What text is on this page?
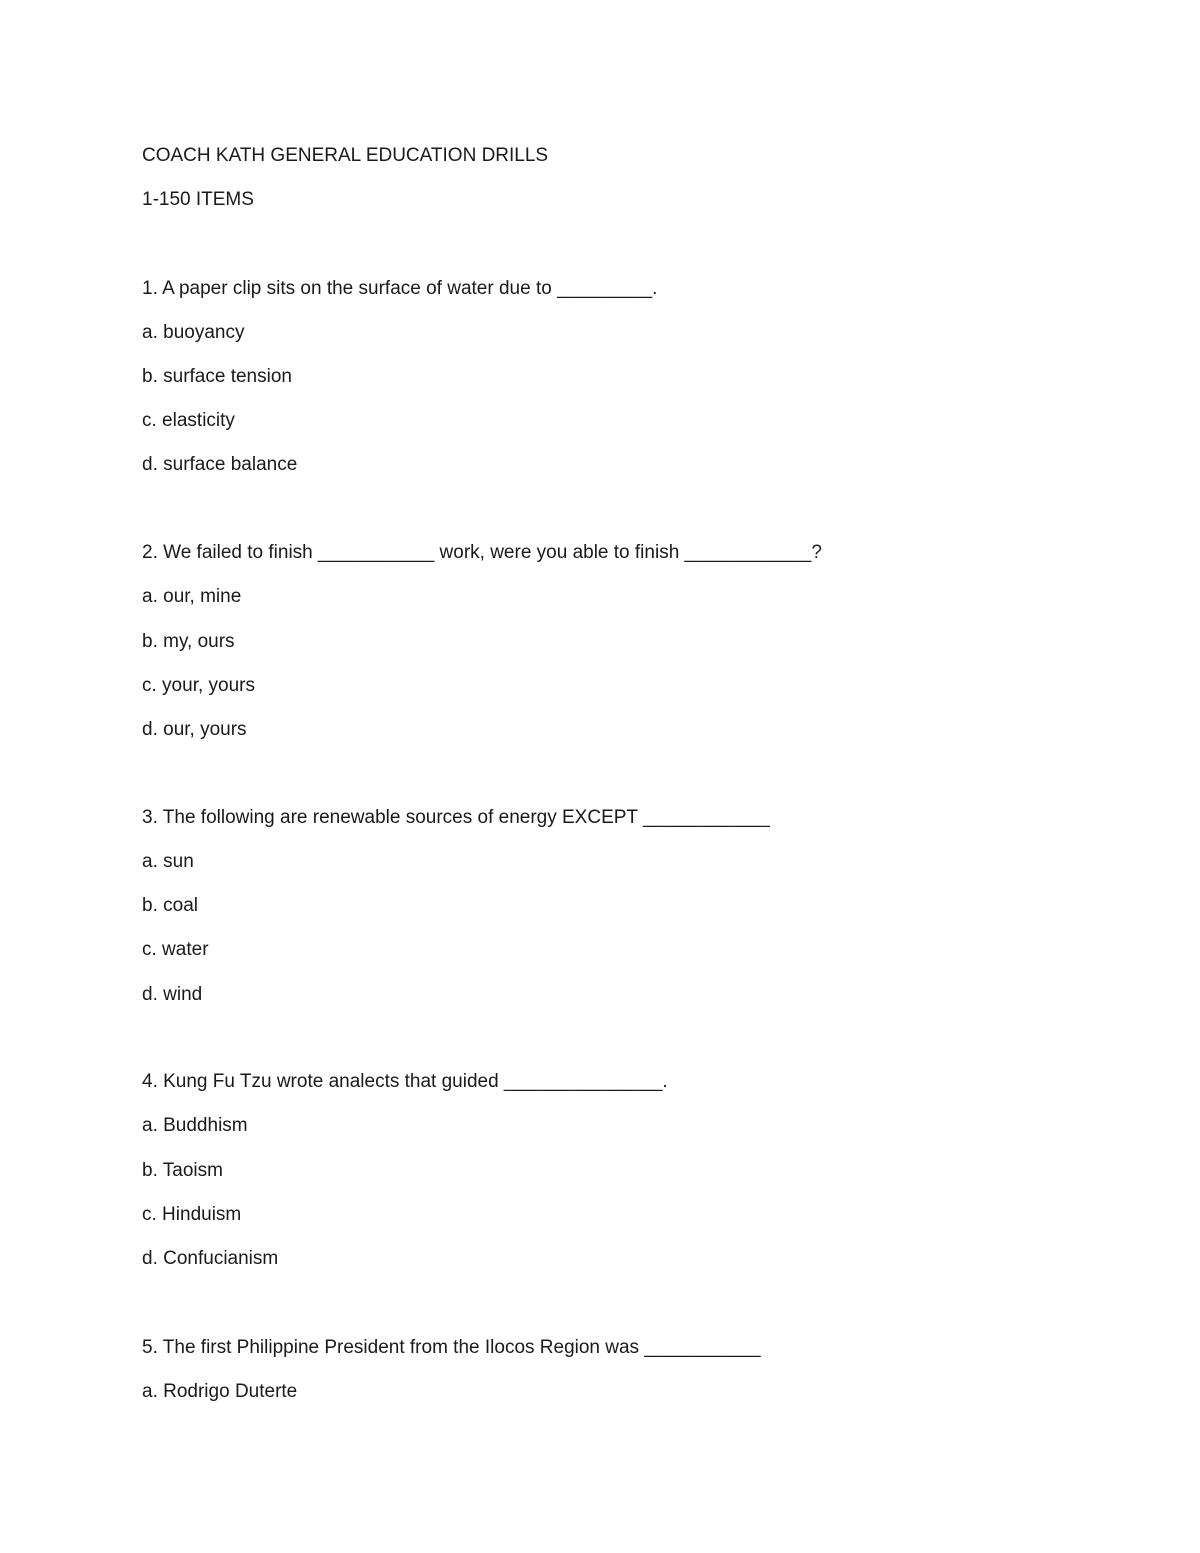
COACH KATH GENERAL EDUCATION DRILLS

1-150 ITEMS

1. A paper clip sits on the surface of water due to _________.

a. buoyancy

b. surface tension

c. elasticity

d. surface balance

2. We failed to finish ___________ work, were you able to finish ____________?

a. our, mine

b. my, ours

c. your, yours

d. our, yours

3. The following are renewable sources of energy EXCEPT ____________

a. sun

b. coal

c. water

d. wind

4. Kung Fu Tzu wrote analects that guided _______________.

a. Buddhism

b. Taoism

c. Hinduism

d. Confucianism

5. The first Philippine President from the Ilocos Region was ___________

a. Rodrigo Duterte
